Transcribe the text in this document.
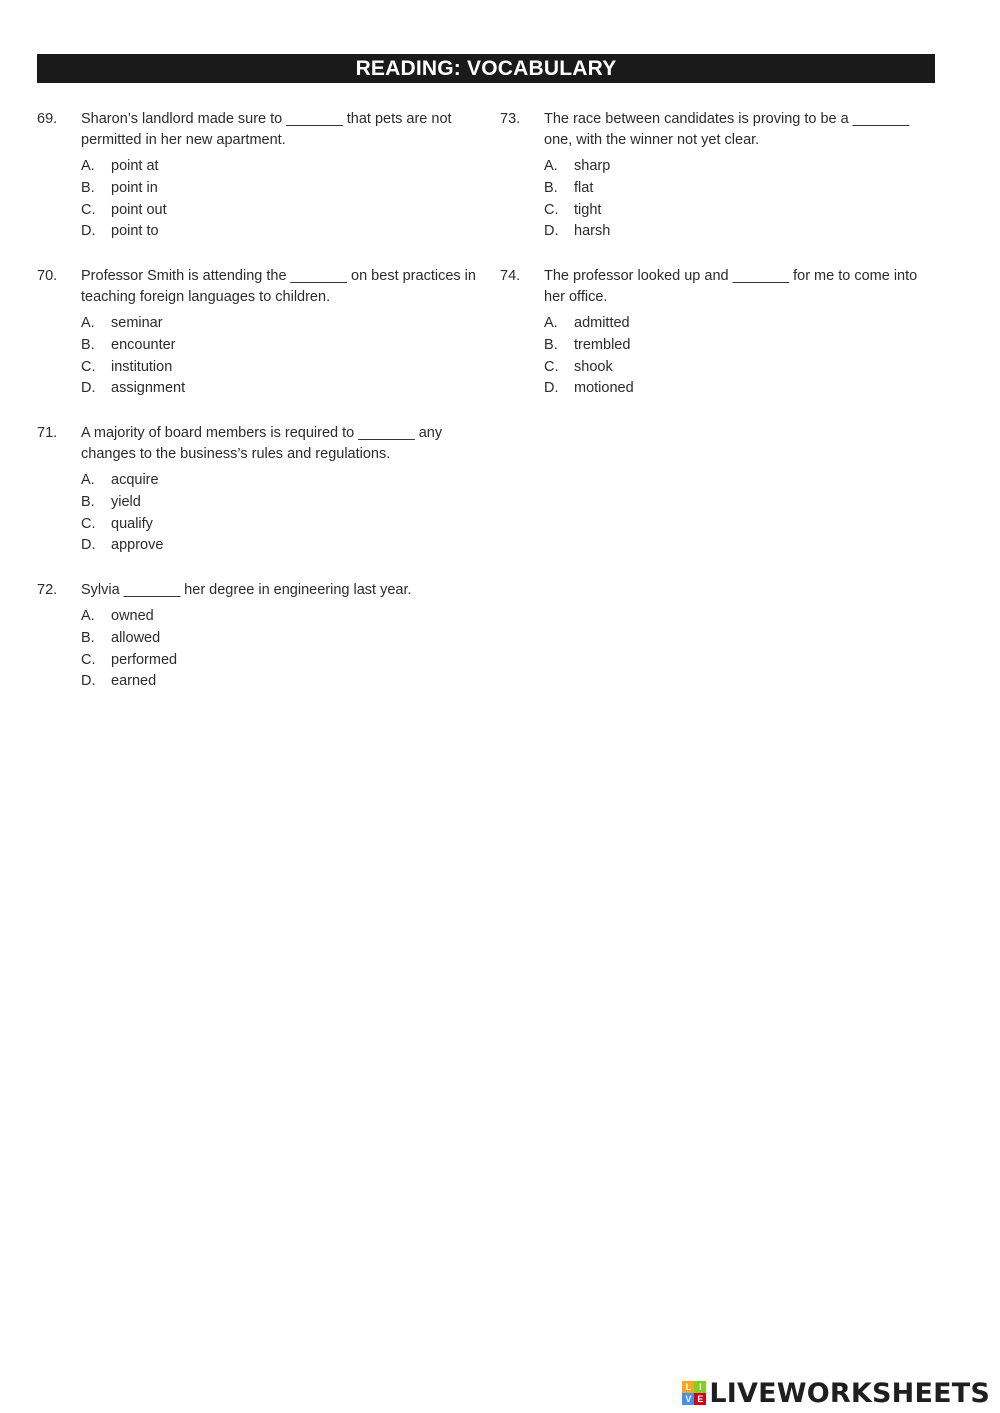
READING: VOCABULARY
69.	Sharon’s landlord made sure to _______ that pets are not permitted in her new apartment.
A.	point at
B.	point in
C.	point out
D.	point to
70.	Professor Smith is attending the _______ on best practices in teaching foreign languages to children.
A.	seminar
B.	encounter
C.	institution
D.	assignment
71.	A majority of board members is required to _______ any changes to the business’s rules and regulations.
A.	acquire
B.	yield
C.	qualify
D.	approve
72.	Sylvia _______ her degree in engineering last year.
A.	owned
B.	allowed
C.	performed
D.	earned
73.	The race between candidates is proving to be a _______ one, with the winner not yet clear.
A.	sharp
B.	flat
C.	tight
D.	harsh
74.	The professor looked up and _______ for me to come into her office.
A.	admitted
B.	trembled
C.	shook
D.	motioned
L I
V E LIVEWORKSHEETS
